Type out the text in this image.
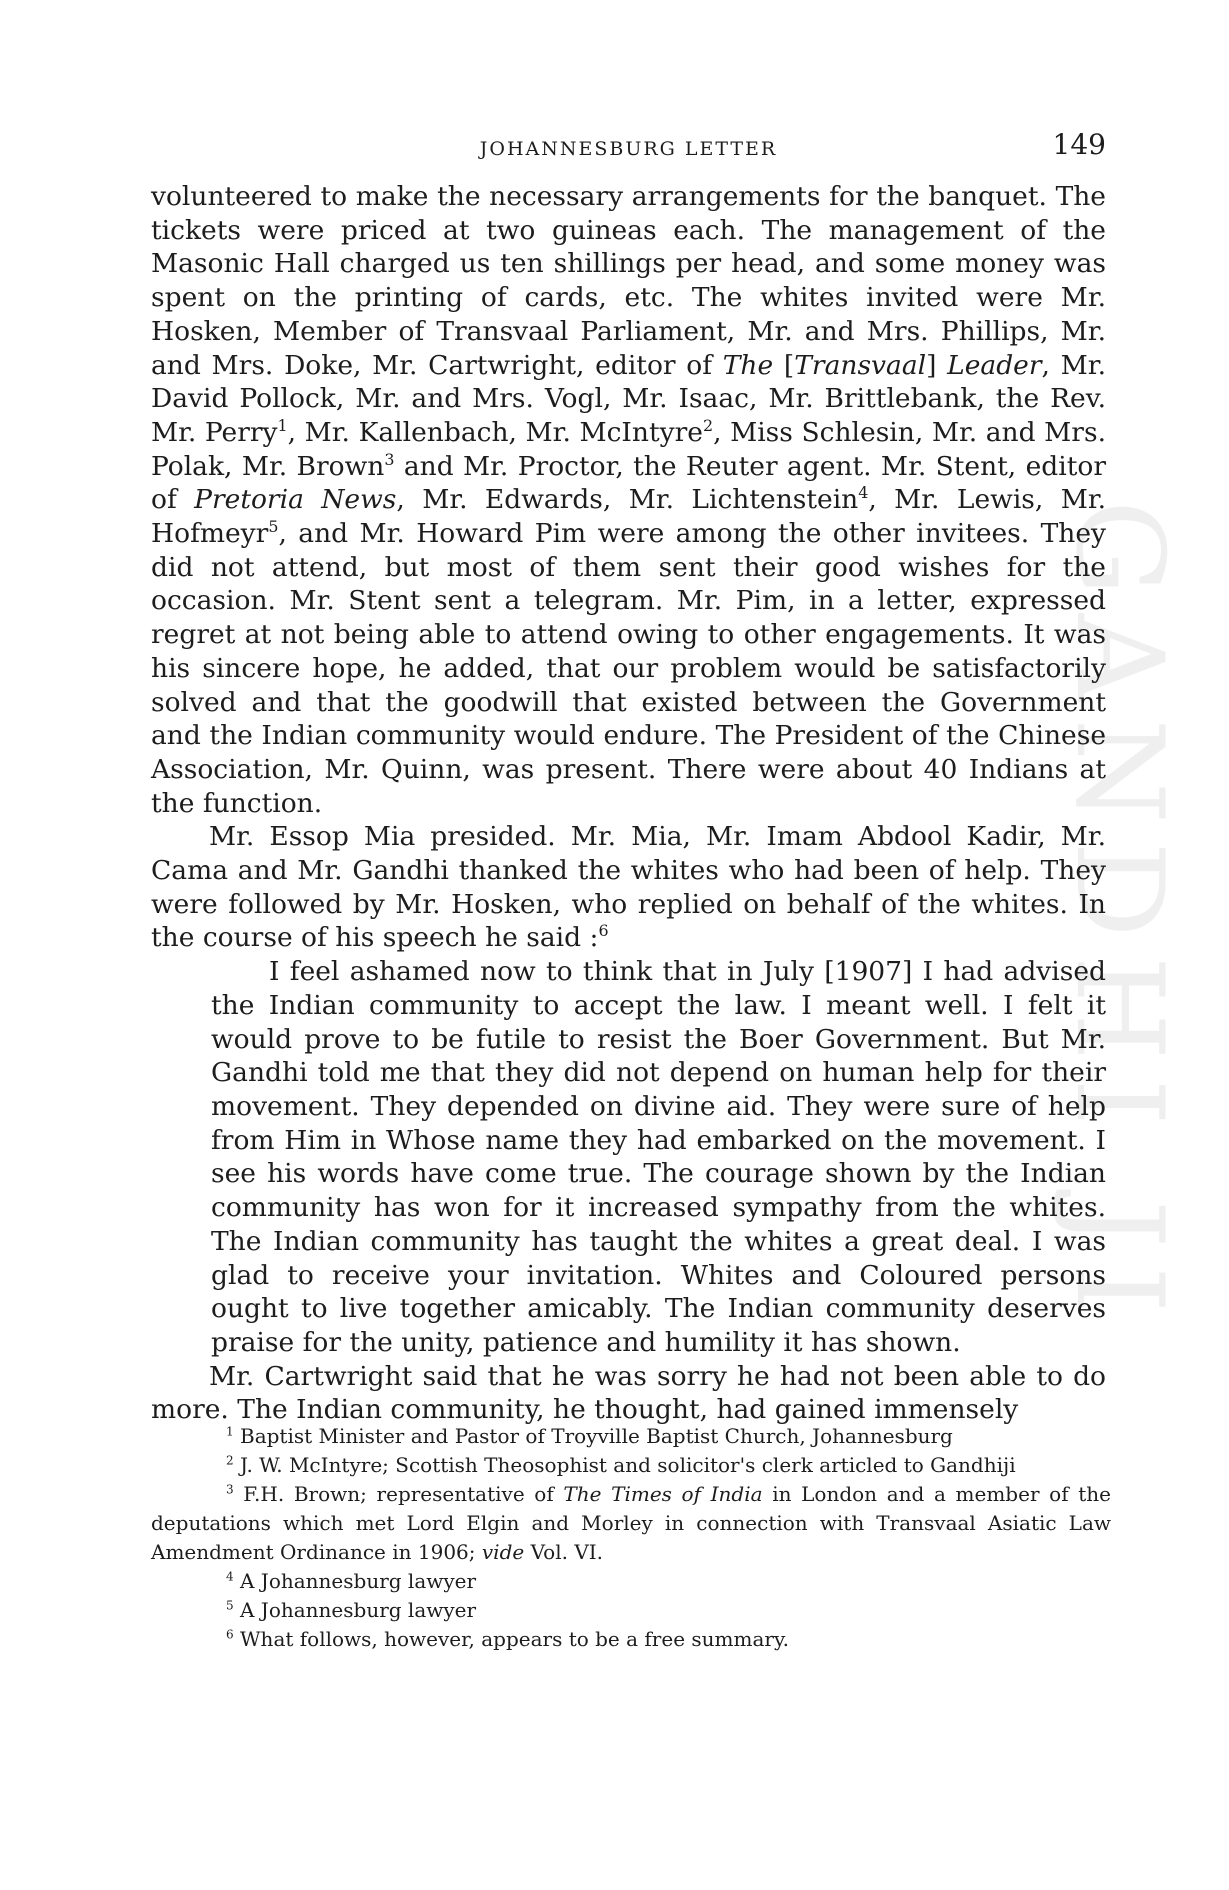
GANDHI JI
JOHANNESBURG LETTER	149

volunteered to make the necessary arrangements for the banquet. The tickets were priced at two guineas each. The management of the Masonic Hall charged us ten shillings per head, and some money was spent on the printing of cards, etc. The whites invited were Mr. Hosken, Member of Transvaal Parliament, Mr. and Mrs. Phillips, Mr. and Mrs. Doke, Mr. Cartwright, editor of The [Transvaal] Leader, Mr. David Pollock, Mr. and Mrs. Vogl, Mr. Isaac, Mr. Brittlebank, the Rev. Mr. Perry$^1$, Mr. Kallenbach, Mr. McIntyre$^2$, Miss Schlesin, Mr. and Mrs. Polak, Mr. Brown$^3$ and Mr. Proctor, the Reuter agent. Mr. Stent, editor of Pretoria News, Mr. Edwards, Mr. Lichtenstein$^4$, Mr. Lewis, Mr. Hofmeyr$^5$, and Mr. Howard Pim were among the other invitees. They did not attend, but most of them sent their good wishes for the occasion. Mr. Stent sent a telegram. Mr. Pim, in a letter, expressed regret at not being able to attend owing to other engagements. It was his sincere hope, he added, that our problem would be satisfactorily solved and that the goodwill that existed between the Government and the Indian community would endure. The President of the Chinese Association, Mr. Quinn, was present. There were about 40 Indians at the function.

Mr. Essop Mia presided. Mr. Mia, Mr. Imam Abdool Kadir, Mr. Cama and Mr. Gandhi thanked the whites who had been of help. They were followed by Mr. Hosken, who replied on behalf of the whites. In the course of his speech he said :$^6$

I feel ashamed now to think that in July [1907] I had advised the Indian community to accept the law. I meant well. I felt it would prove to be futile to resist the Boer Government. But Mr. Gandhi told me that they did not depend on human help for their movement. They depended on divine aid. They were sure of help from Him in Whose name they had embarked on the movement. I see his words have come true. The courage shown by the Indian community has won for it increased sympathy from the whites. The Indian community has taught the whites a great deal. I was glad to receive your invitation. Whites and Coloured persons ought to live together amicably. The Indian community deserves praise for the unity, patience and humility it has shown.

Mr. Cartwright said that he was sorry he had not been able to do more. The Indian community, he thought, had gained immensely

$^1$ Baptist Minister and Pastor of Troyville Baptist Church, Johannesburg

$^2$ J. W. McIntyre; Scottish Theosophist and solicitor's clerk articled to Gandhiji

$^3$ F.H. Brown; representative of The Times of India in London and a member of the deputations which met Lord Elgin and Morley in connection with Transvaal Asiatic Law Amendment Ordinance in 1906; vide Vol. VI.

$^4$ A Johannesburg lawyer

$^5$ A Johannesburg lawyer

$^6$ What follows, however, appears to be a free summary.
